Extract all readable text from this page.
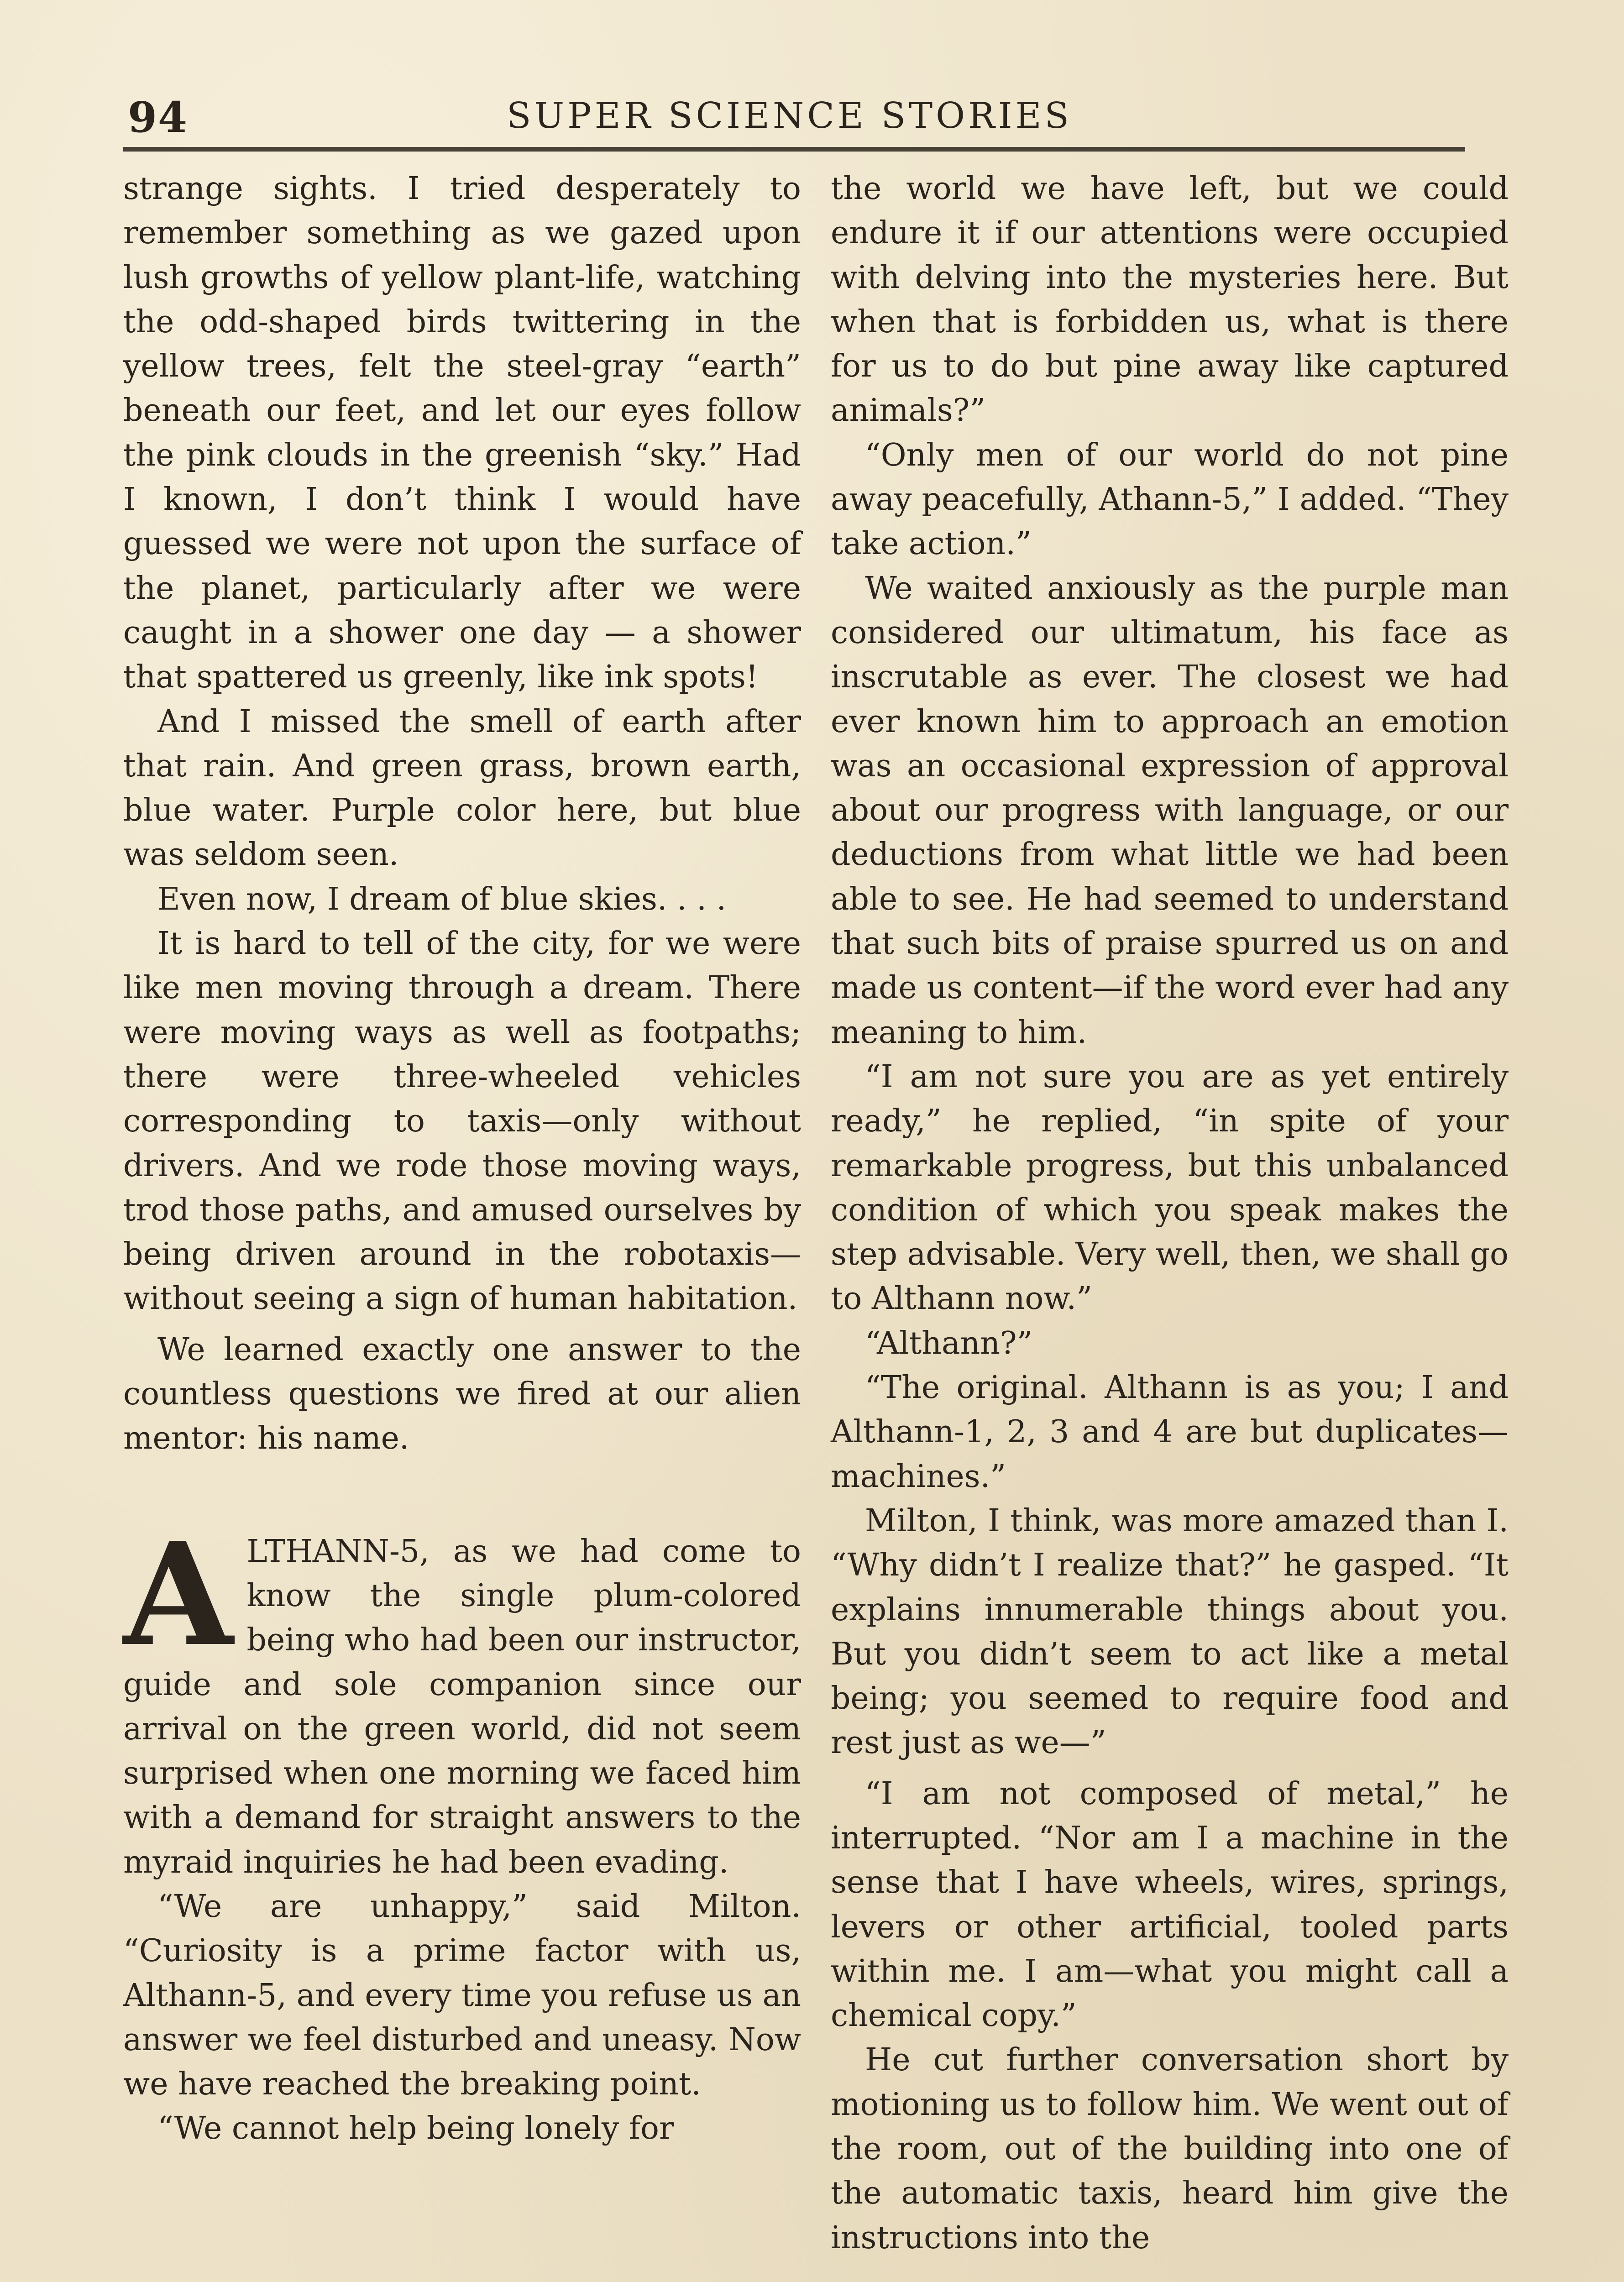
94	SUPER SCIENCE STORIES

strange sights. I tried desperately to remember something as we gazed upon lush growths of yellow plant-life, watching the odd-shaped birds twittering in the yellow trees, felt the steel-gray “earth” beneath our feet, and let our eyes follow the pink clouds in the greenish “sky.” Had I known, I don’t think I would have guessed we were not upon the surface of the planet, particularly after we were caught in a shower one day — a shower that spattered us greenly, like ink spots!

And I missed the smell of earth after that rain. And green grass, brown earth, blue water. Purple color here, but blue was seldom seen.

Even now, I dream of blue skies. . . .

It is hard to tell of the city, for we were like men moving through a dream. There were moving ways as well as footpaths; there were three-wheeled vehicles corresponding to taxis—only without drivers. And we rode those moving ways, trod those paths, and amused ourselves by being driven around in the robotaxis—without seeing a sign of human habitation.

We learned exactly one answer to the countless questions we fired at our alien mentor: his name.

ALTHANN-5, as we had come to know the single plum-colored being who had been our instructor, guide and sole companion since our arrival on the green world, did not seem surprised when one morning we faced him with a demand for straight answers to the myraid inquiries he had been evading.

“We are unhappy,” said Milton. “Curiosity is a prime factor with us, Althann-5, and every time you refuse us an answer we feel disturbed and uneasy. Now we have reached the breaking point.

“We cannot help being lonely for

the world we have left, but we could endure it if our attentions were occupied with delving into the mysteries here. But when that is forbidden us, what is there for us to do but pine away like captured animals?”

“Only men of our world do not pine away peacefully, Athann-5,” I added. “They take action.”

We waited anxiously as the purple man considered our ultimatum, his face as inscrutable as ever. The closest we had ever known him to approach an emotion was an occasional expression of approval about our progress with language, or our deductions from what little we had been able to see. He had seemed to understand that such bits of praise spurred us on and made us content—if the word ever had any meaning to him.

“I am not sure you are as yet entirely ready,” he replied, “in spite of your remarkable progress, but this unbalanced condition of which you speak makes the step advisable. Very well, then, we shall go to Althann now.”

“Althann?”

“The original. Althann is as you; I and Althann-1, 2, 3 and 4 are but duplicates—machines.”

Milton, I think, was more amazed than I. “Why didn’t I realize that?” he gasped. “It explains innumerable things about you. But you didn’t seem to act like a metal being; you seemed to require food and rest just as we—”

“I am not composed of metal,” he interrupted. “Nor am I a machine in the sense that I have wheels, wires, springs, levers or other artificial, tooled parts within me. I am—what you might call a chemical copy.”

He cut further conversation short by motioning us to follow him. We went out of the room, out of the building into one of the automatic taxis, heard him give the instructions into the
